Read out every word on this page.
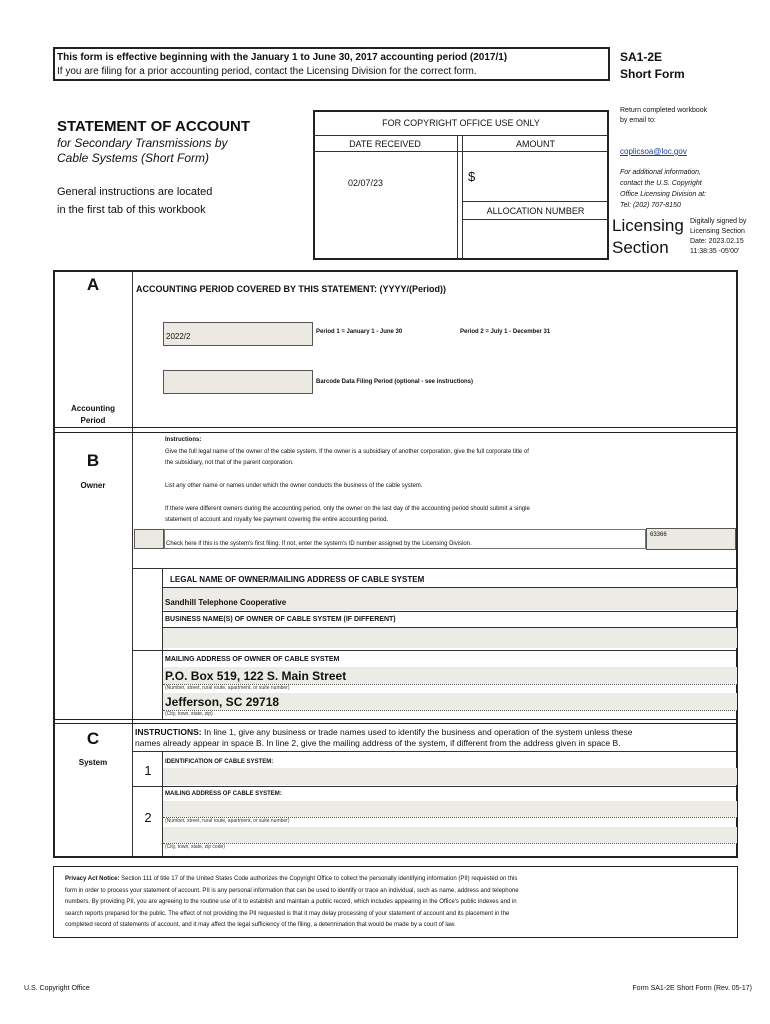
This form is effective beginning with the January 1 to June 30, 2017 accounting period (2017/1)
If you are filing for a prior accounting period, contact the Licensing Division for the correct form.
SA1-2E
Short Form
STATEMENT OF ACCOUNT
for Secondary Transmissions by
Cable Systems (Short Form)
General instructions are located
in the first tab of this workbook
FOR COPYRIGHT OFFICE USE ONLY
DATE RECEIVED	AMOUNT
02/07/23	$
ALLOCATION NUMBER
Return completed workbook
by email to:
coplicsoa@loc.gov
For additional information,
contact the U.S. Copyright
Office Licensing Division at:
Tel: (202) 707-8150
Licensing
Section
Digitally signed by
Licensing Section
Date: 2023.02.15
11:38:35 -05'00'
A
Accounting
Period
ACCOUNTING PERIOD COVERED BY THIS STATEMENT: (YYYY/(Period))
2022/2	Period 1 = January 1 - June 30	Period 2 = July 1 - December 31
Barcode Data Filing Period (optional - see instructions)
B
Owner
Instructions:
Give the full legal name of the owner of the cable system. If the owner is a subsidiary of another corporation, give the full corporate title of
the subsidiary, not that of the parent corporation.
List any other name or names under which the owner conducts the business of the cable system.
If there were different owners during the accounting period, only the owner on the last day of the accounting period should submit a single
statement of account and royalty fee payment covering the entire accounting period.
Check here if this is the system's first filing. If not, enter the system's ID number assigned by the Licensing Division.
63366
LEGAL NAME OF OWNER/MAILING ADDRESS OF CABLE SYSTEM
Sandhill Telephone Cooperative
BUSINESS NAME(S) OF OWNER OF CABLE SYSTEM (IF DIFFERENT)
MAILING ADDRESS OF OWNER OF CABLE SYSTEM
P.O. Box 519, 122 S. Main Street
(Number, street, rural route, apartment, or suite number)
Jefferson, SC 29718
(City, town, state, zip)
C
System
INSTRUCTIONS: In line 1, give any business or trade names used to identify the business and operation of the system unless these
names already appear in space B. In line 2, give the mailing address of the system, if different from the address given in space B.
1
IDENTIFICATION OF CABLE SYSTEM:
MAILING ADDRESS OF CABLE SYSTEM:
2	(Number, street, rural route, apartment, or suite number)
(City, town, state, zip code)
Privacy Act Notice: Section 111 of title 17 of the United States Code authorizes the Copyright Office to collect the personally identifying information (PII) requested on this
form in order to process your statement of account. PII is any personal information that can be used to identify or trace an individual, such as name, address and telephone
numbers. By providing PII, you are agreeing to the routine use of it to establish and maintain a public record, which includes appearing in the Office's public indexes and in
search reports prepared for the public. The effect of not providing the PII requested is that it may delay processing of your statement of account and its placement in the
completed record of statements of account, and it may affect the legal sufficiency of the filing, a determination that would be made by a court of law.
U.S. Copyright Office	Form SA1-2E Short Form (Rev. 05-17)
